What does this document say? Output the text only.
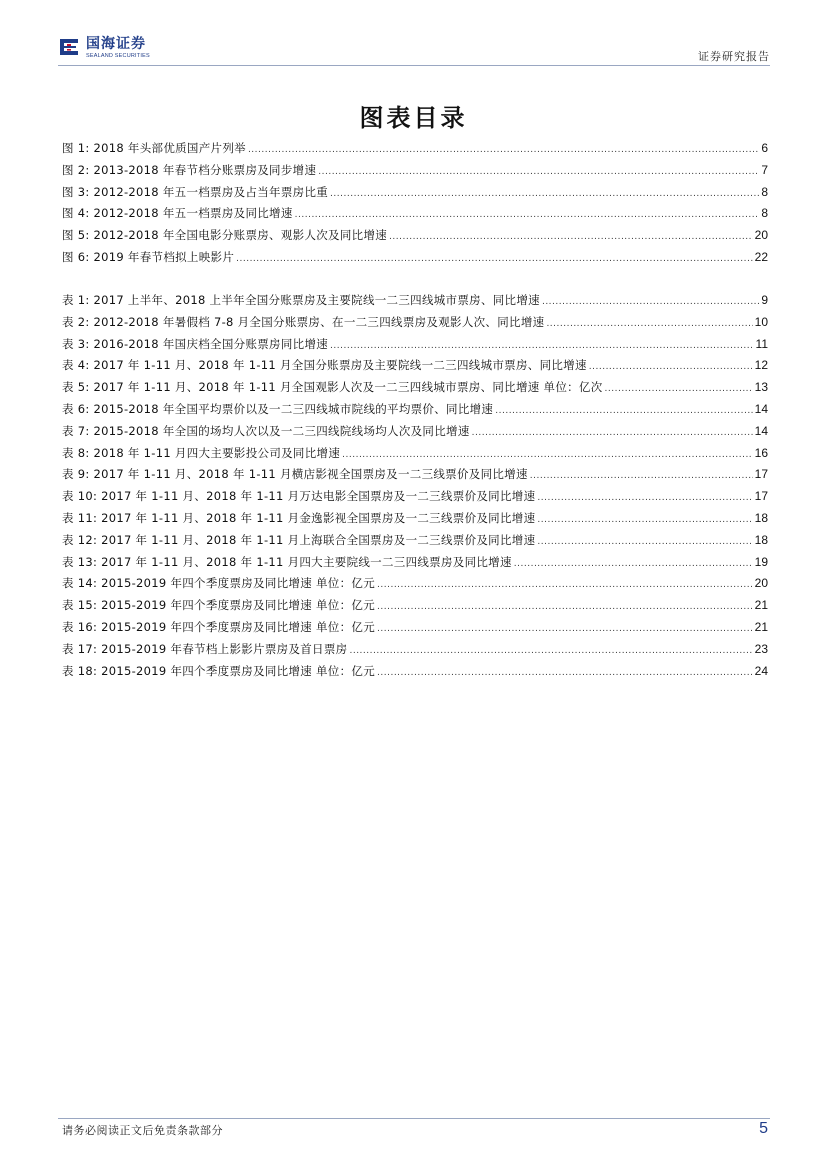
国海证券
SEALAND SECURITIES	证券研究报告
图表目录
图 1: 2018 年头部优质国产片列举 .....	6
图 2: 2013-2018 年春节档分账票房及同步增速 .....	7
图 3: 2012-2018 年五一档票房及占当年票房比重 .....	8
图 4: 2012-2018 年五一档票房及同比增速 .....	8
图 5: 2012-2018 年全国电影分账票房、观影人次及同比增速 .....	20
图 6: 2019 年春节档拟上映影片 .....	22
表 1: 2017 上半年、2018 上半年全国分账票房及主要院线一二三四线城市票房、同比增速 .....	9
表 2: 2012-2018 年暑假档 7-8 月全国分账票房、在一二三四线票房及观影人次、同比增速 .....	10
表 3: 2016-2018 年国庆档全国分账票房同比增速 .....	11
表 4: 2017 年 1-11 月、2018 年 1-11 月全国分账票房及主要院线一二三四线城市票房、同比增速 .....	12
表 5: 2017 年 1-11 月、2018 年 1-11 月全国观影人次及一二三四线城市票房、同比增速 单位：亿次 .....	13
表 6: 2015-2018 年全国平均票价以及一二三四线城市院线的平均票价、同比增速 .....	14
表 7: 2015-2018 年全国的场均人次以及一二三四线院线场均人次及同比增速 .....	14
表 8: 2018 年 1-11 月四大主要影投公司及同比增速 .....	16
表 9: 2017 年 1-11 月、2018 年 1-11 月横店影视全国票房及一二三线票价及同比增速 .....	17
表 10: 2017 年 1-11 月、2018 年 1-11 月万达电影全国票房及一二三线票价及同比增速 .....	17
表 11: 2017 年 1-11 月、2018 年 1-11 月金逸影视全国票房及一二三线票价及同比增速 .....	18
表 12: 2017 年 1-11 月、2018 年 1-11 月上海联合全国票房及一二三线票价及同比增速 .....	18
表 13: 2017 年 1-11 月、2018 年 1-11 月四大主要院线一二三四线票房及同比增速 .....	19
表 14: 2015-2019 年四个季度票房及同比增速 单位：亿元 .....	20
表 15: 2015-2019 年四个季度票房及同比增速 单位：亿元 .....	21
表 16: 2015-2019 年四个季度票房及同比增速 单位：亿元 .....	21
表 17: 2015-2019 年春节档上影影片票房及首日票房 .....	23
表 18: 2015-2019 年四个季度票房及同比增速 单位：亿元 .....	24
请务必阅读正文后免责条款部分	5
